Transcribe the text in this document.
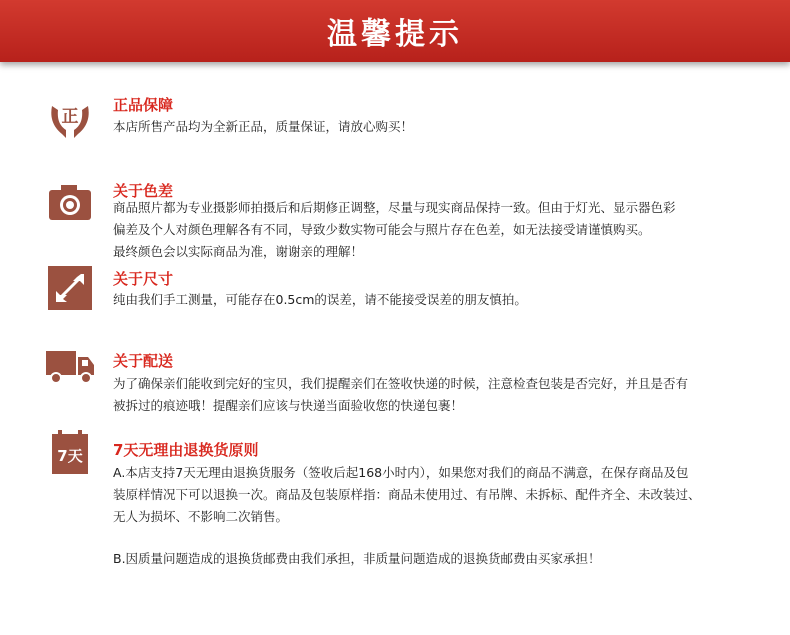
温馨提示
正
正品保障
本店所售产品均为全新正品，质量保证，请放心购买！
关于色差
商品照片都为专业摄影师拍摄后和后期修正调整，尽量与现实商品保持一致。但由于灯光、显示器色彩
偏差及个人对颜色理解各有不同，导致少数实物可能会与照片存在色差，如无法接受请谨慎购买。
最终颜色会以实际商品为准，谢谢亲的理解！
关于尺寸
纯由我们手工测量，可能存在0.5cm的误差，请不能接受误差的朋友慎拍。
关于配送
为了确保亲们能收到完好的宝贝，我们提醒亲们在签收快递的时候，注意检查包装是否完好，并且是否有
被拆过的痕迹哦！提醒亲们应该与快递当面验收您的快递包裹！
7天 7天无理由退换货原则
A.本店支持7天无理由退换货服务（签收后起168小时内），如果您对我们的商品不满意，在保存商品及包
装原样情况下可以退换一次。商品及包装原样指：商品未使用过、有吊牌、未拆标、配件齐全、未改装过、
无人为损坏、不影响二次销售。
B.因质量问题造成的退换货邮费由我们承担，非质量问题造成的退换货邮费由买家承担！
